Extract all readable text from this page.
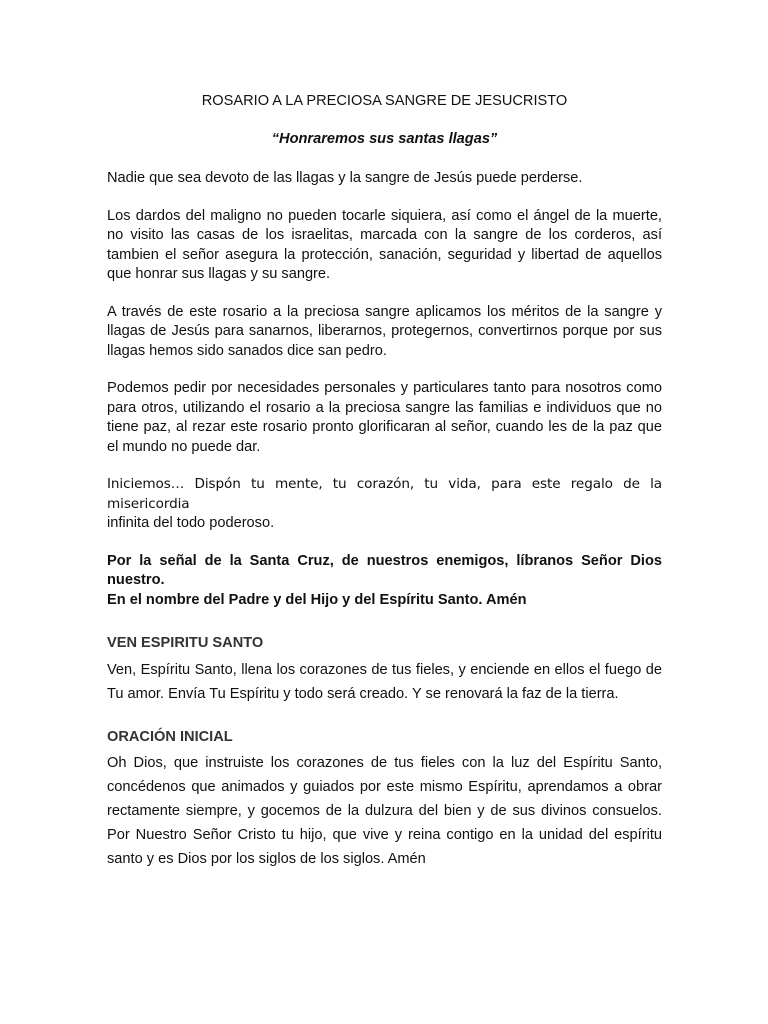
ROSARIO A LA PRECIOSA SANGRE DE JESUCRISTO

“Honraremos sus santas llagas”

Nadie que sea devoto de las llagas y la sangre de Jesús puede perderse.

Los dardos del maligno no pueden tocarle siquiera, así como el ángel de la muerte, no visito las casas de los israelitas, marcada con la sangre de los corderos, así tambien el señor asegura la protección, sanación, seguridad y libertad de aquellos que honrar sus llagas y su sangre.

A través de este rosario a la preciosa sangre aplicamos los méritos de la sangre y llagas de Jesús para sanarnos, liberarnos, protegernos, convertirnos porque por sus llagas hemos sido sanados dice san pedro.

Podemos pedir por necesidades personales y particulares tanto para nosotros como para otros, utilizando el rosario a la preciosa sangre las familias e individuos que no tiene paz, al rezar este rosario pronto glorificaran al señor, cuando les de la paz que el mundo no puede dar.

Iniciemos… Dispón tu mente, tu corazón, tu vida, para este regalo de la misericordia
infinita del todo poderoso.

Por la señal de la Santa Cruz, de nuestros enemigos, líbranos Señor Dios nuestro.

En el nombre del Padre y del Hijo y del Espíritu Santo. Amén

VEN ESPIRITU SANTO

Ven, Espíritu Santo, llena los corazones de tus fieles, y enciende en ellos el fuego de Tu amor. Envía Tu Espíritu y todo será creado. Y se renovará la faz de la tierra.

ORACIÓN INICIAL

Oh Dios, que instruiste los corazones de tus fieles con la luz del Espíritu Santo, concédenos que animados y guiados por este mismo Espíritu, aprendamos a obrar rectamente siempre, y gocemos de la dulzura del bien y de sus divinos consuelos. Por Nuestro Señor Cristo tu hijo, que vive y reina contigo en la unidad del espíritu santo y es Dios por los siglos de los siglos. Amén
